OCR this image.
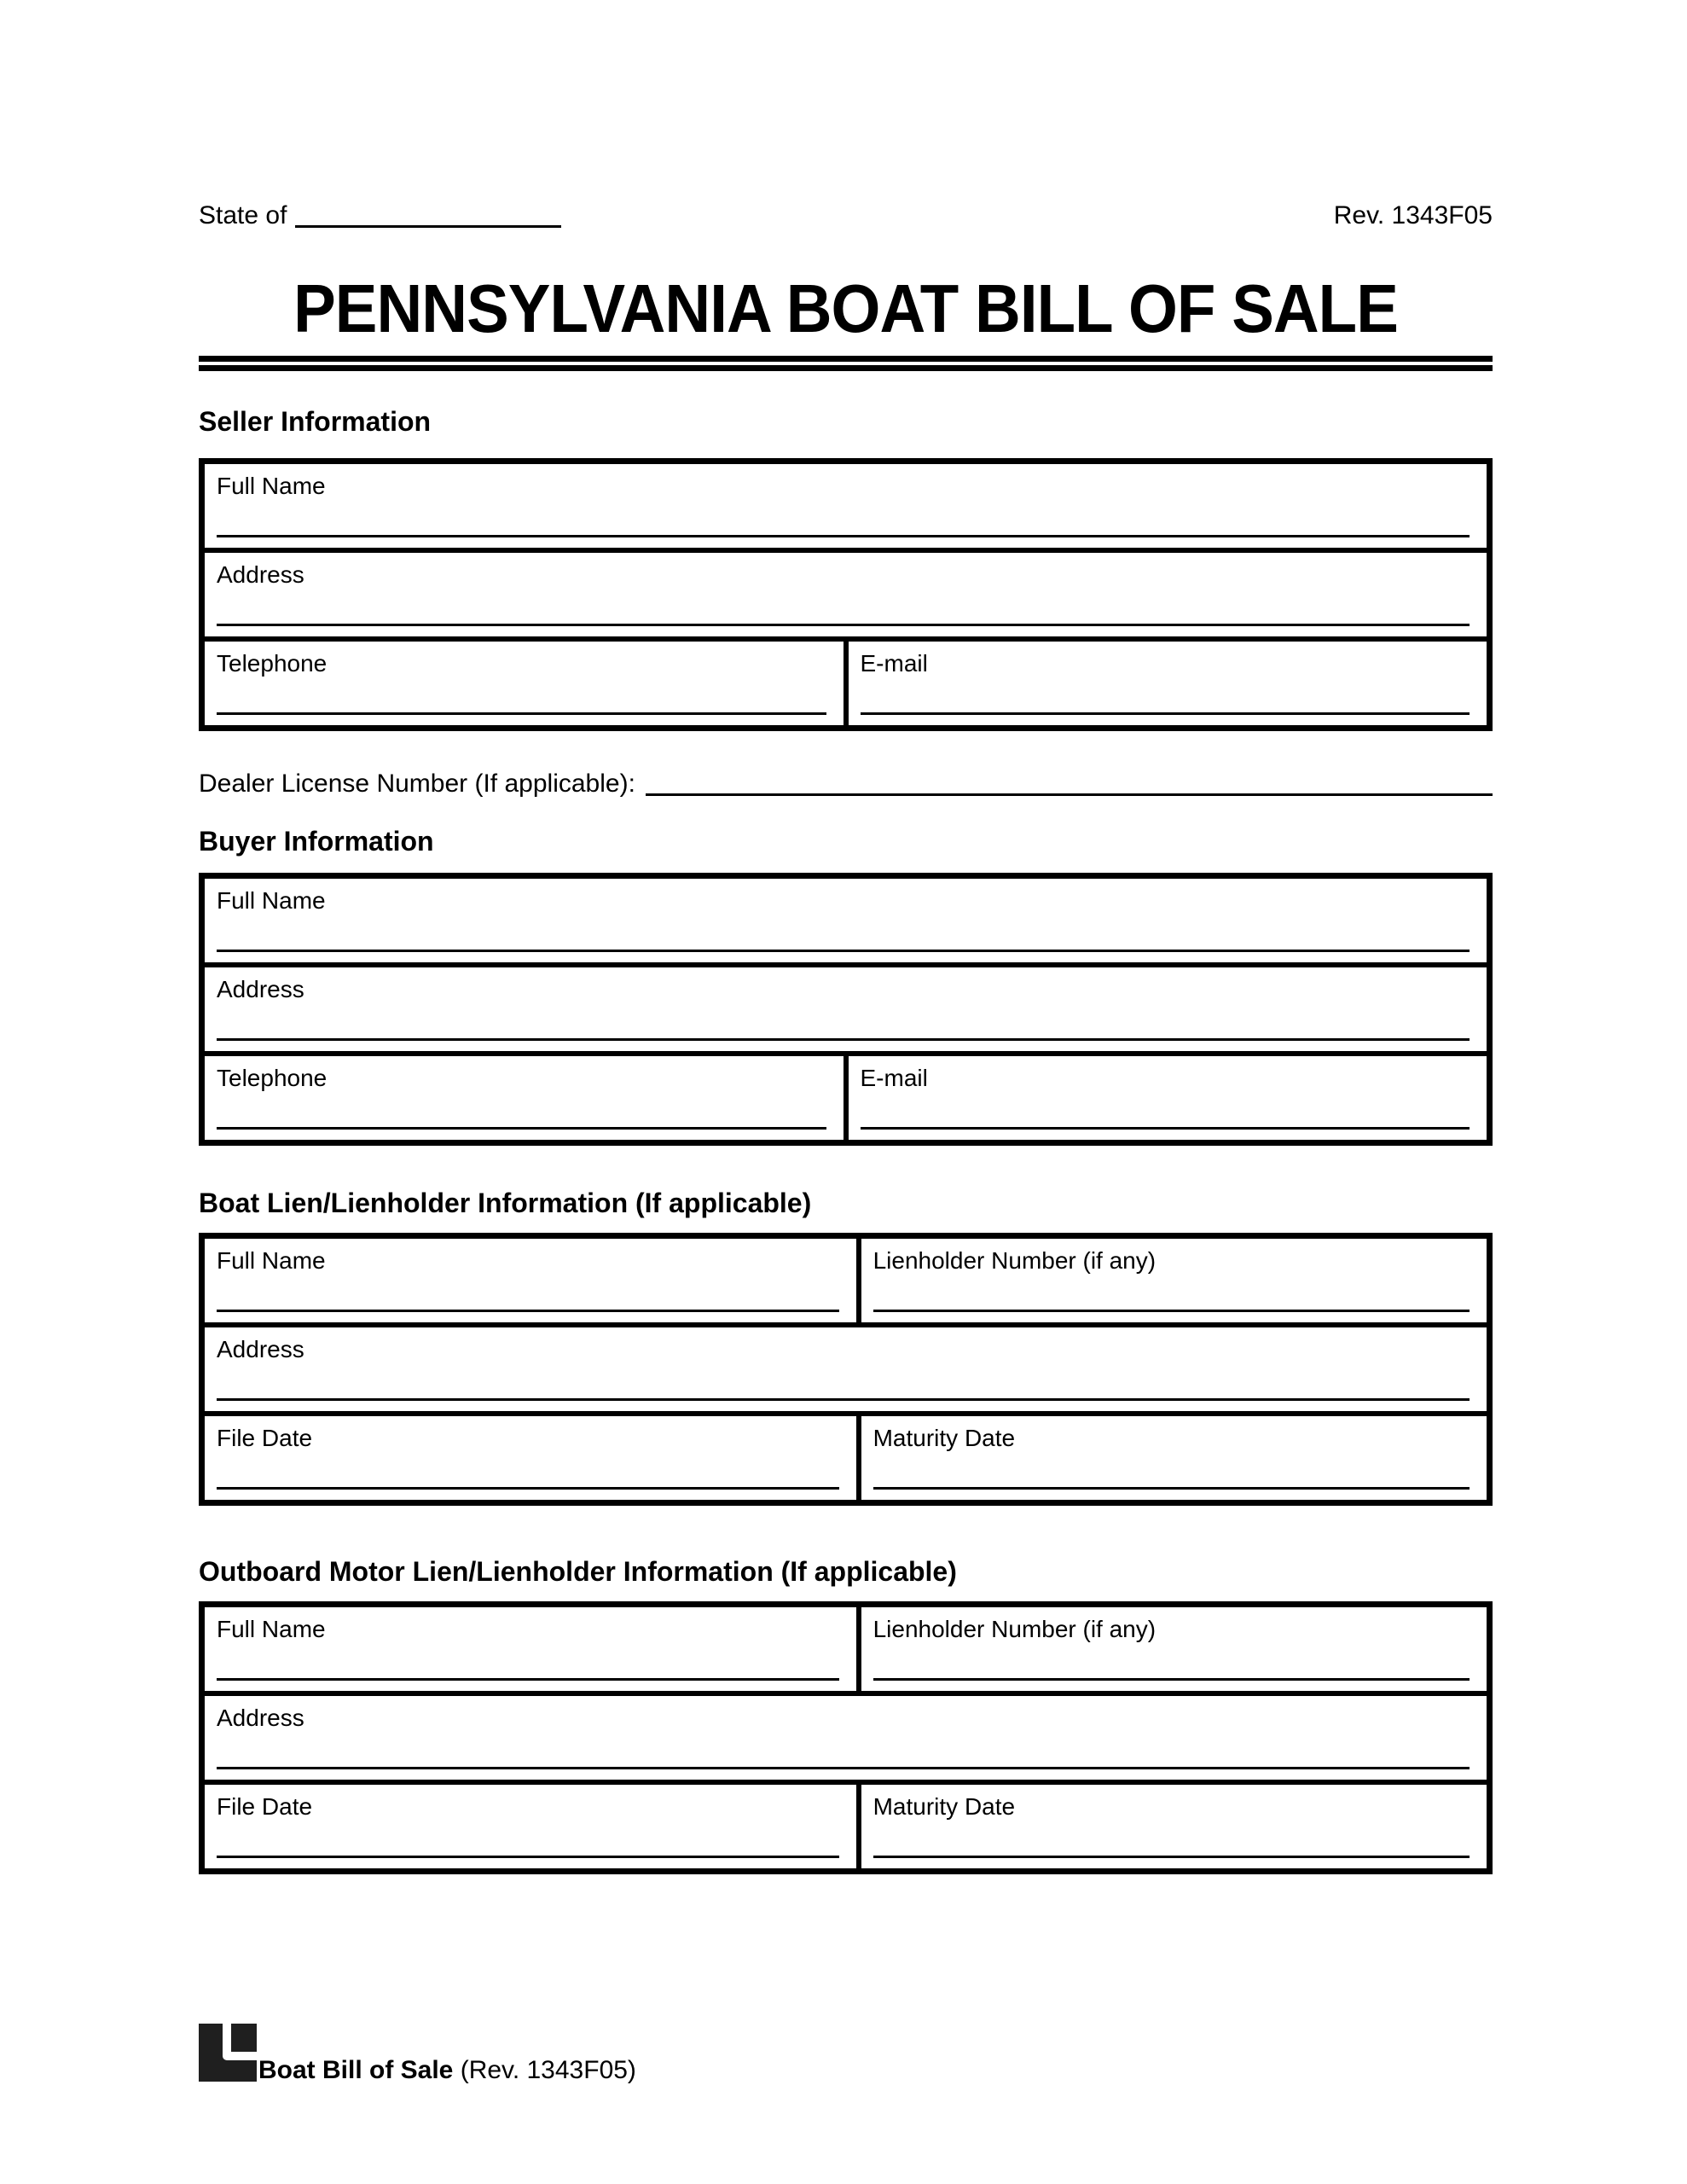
State of	Rev. 1343F05
PENNSYLVANIA BOAT BILL OF SALE
Seller Information
Full Name

Address

Telephone	E-mail
Dealer License Number (If applicable):
Buyer Information
Full Name

Address

Telephone	E-mail
Boat Lien/Lienholder Information (If applicable)
Full Name	Lienholder Number (if any)

Address	

File Date	Maturity Date
Outboard Motor Lien/Lienholder Information (If applicable)
Full Name	Lienholder Number (if any)

Address	

File Date	Maturity Date
Boat Bill of Sale (Rev. 1343F05)
